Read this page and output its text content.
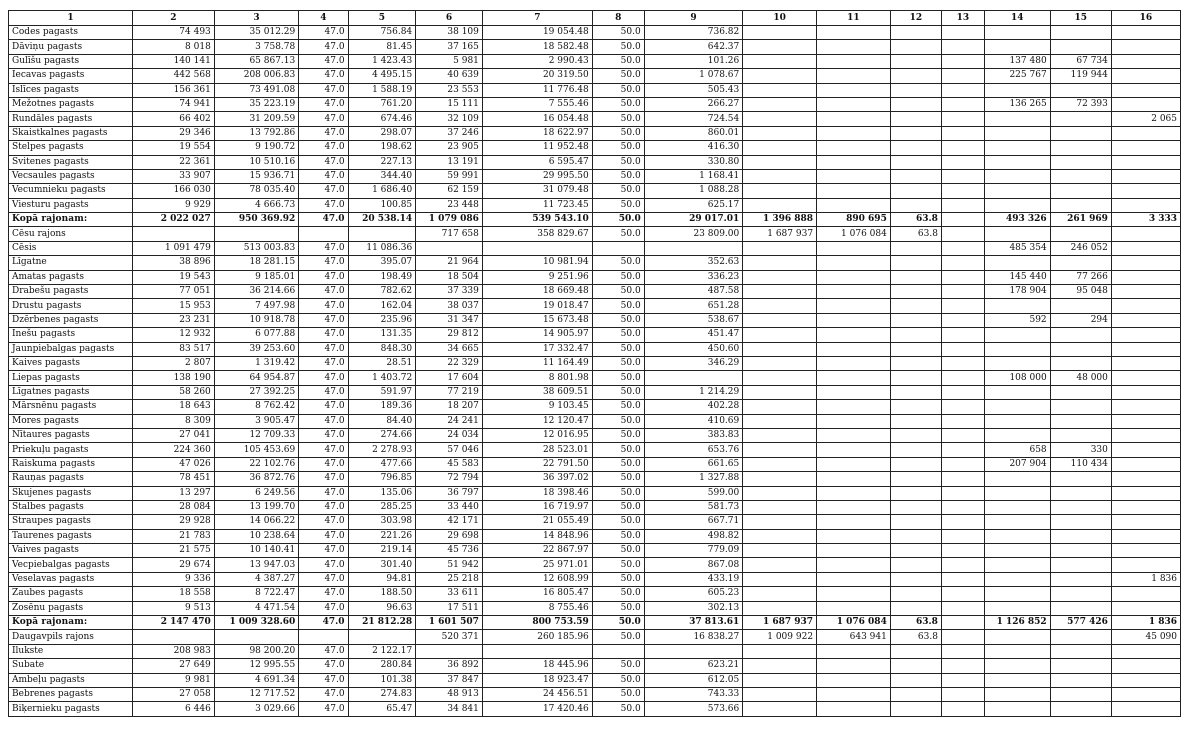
1	2	3	4	5	6	7	8	9	10	11	12	13	14	15	16
Codes pagasts	74 493	35 012.29	47.0	756.84	38 109	19 054.48	50.0	736.82							
Dāviņu pagasts	8 018	3 758.78	47.0	81.45	37 165	18 582.48	50.0	642.37							
Gulīšu pagasts	140 141	65 867.13	47.0	1 423.43	5 981	2 990.43	50.0	101.26					137 480	67 734	
Iecavas pagasts	442 568	208 006.83	47.0	4 495.15	40 639	20 319.50	50.0	1 078.67					225 767	119 944	
Islīces pagasts	156 361	73 491.08	47.0	1 588.19	23 553	11 776.48	50.0	505.43							
Mežotnes pagasts	74 941	35 223.19	47.0	761.20	15 111	7 555.46	50.0	266.27					136 265	72 393	
Rundāles pagasts	66 402	31 209.59	47.0	674.46	32 109	16 054.48	50.0	724.54							2 065
Skaistkalnes pagasts	29 346	13 792.86	47.0	298.07	37 246	18 622.97	50.0	860.01							
Stelpes pagasts	19 554	9 190.72	47.0	198.62	23 905	11 952.48	50.0	416.30							
Svitenes pagasts	22 361	10 510.16	47.0	227.13	13 191	6 595.47	50.0	330.80							
Vecsaules pagasts	33 907	15 936.71	47.0	344.40	59 991	29 995.50	50.0	1 168.41							
Vecumnieku pagasts	166 030	78 035.40	47.0	1 686.40	62 159	31 079.48	50.0	1 088.28							
Viesturu pagasts	9 929	4 666.73	47.0	100.85	23 448	11 723.45	50.0	625.17							
Kopā rajonam:	2 022 027	950 369.92	47.0	20 538.14	1 079 086	539 543.10	50.0	29 017.01	1 396 888	890 695	63.8		493 326	261 969	3 333
Cēsu rajons					717 658	358 829.67	50.0	23 809.00	1 687 937	1 076 084	63.8				
Cēsis	1 091 479	513 003.83	47.0	11 086.36									485 354	246 052	
Līgatne	38 896	18 281.15	47.0	395.07	21 964	10 981.94	50.0	352.63							
Amatas pagasts	19 543	9 185.01	47.0	198.49	18 504	9 251.96	50.0	336.23					145 440	77 266	
Drabešu pagasts	77 051	36 214.66	47.0	782.62	37 339	18 669.48	50.0	487.58					178 904	95 048	
Drustu pagasts	15 953	7 497.98	47.0	162.04	38 037	19 018.47	50.0	651.28							
Dzērbenes pagasts	23 231	10 918.78	47.0	235.96	31 347	15 673.48	50.0	538.67					592	294	
Inešu pagasts	12 932	6 077.88	47.0	131.35	29 812	14 905.97	50.0	451.47							
Jaunpiebalgas pagasts	83 517	39 253.60	47.0	848.30	34 665	17 332.47	50.0	450.60							
Kaives pagasts	2 807	1 319.42	47.0	28.51	22 329	11 164.49	50.0	346.29							
Liepas pagasts	138 190	64 954.87	47.0	1 403.72	17 604	8 801.98	50.0						108 000	48 000	
Līgatnes pagasts	58 260	27 392.25	47.0	591.97	77 219	38 609.51	50.0	1 214.29							
Mārsnēnu pagasts	18 643	8 762.42	47.0	189.36	18 207	9 103.45	50.0	402.28							
Mores pagasts	8 309	3 905.47	47.0	84.40	24 241	12 120.47	50.0	410.69							
Nītaures pagasts	27 041	12 709.33	47.0	274.66	24 034	12 016.95	50.0	383.83							
Priekuļu pagasts	224 360	105 453.69	47.0	2 278.93	57 046	28 523.01	50.0	653.76					658	330	
Raiskuma pagasts	47 026	22 102.76	47.0	477.66	45 583	22 791.50	50.0	661.65					207 904	110 434	
Rauņas pagasts	78 451	36 872.76	47.0	796.85	72 794	36 397.02	50.0	1 327.88							
Skujenes pagasts	13 297	6 249.56	47.0	135.06	36 797	18 398.46	50.0	599.00							
Stalbes pagasts	28 084	13 199.70	47.0	285.25	33 440	16 719.97	50.0	581.73							
Straupes pagasts	29 928	14 066.22	47.0	303.98	42 171	21 055.49	50.0	667.71							
Taurenes pagasts	21 783	10 238.64	47.0	221.26	29 698	14 848.96	50.0	498.82							
Vaives pagasts	21 575	10 140.41	47.0	219.14	45 736	22 867.97	50.0	779.09							
Vecpiebalgas pagasts	29 674	13 947.03	47.0	301.40	51 942	25 971.01	50.0	867.08							
Veselavas pagasts	9 336	4 387.27	47.0	94.81	25 218	12 608.99	50.0	433.19							1 836
Zaubes pagasts	18 558	8 722.47	47.0	188.50	33 611	16 805.47	50.0	605.23							
Zosēnu pagasts	9 513	4 471.54	47.0	96.63	17 511	8 755.46	50.0	302.13							
Kopā rajonam:	2 147 470	1 009 328.60	47.0	21 812.28	1 601 507	800 753.59	50.0	37 813.61	1 687 937	1 076 084	63.8		1 126 852	577 426	1 836
Daugavpils rajons					520 371	260 185.96	50.0	16 838.27	1 009 922	643 941	63.8				45 090
Ilukste	208 983	98 200.20	47.0	2 122.17											
Subate	27 649	12 995.55	47.0	280.84	36 892	18 445.96	50.0	623.21							
Ambeļu pagasts	9 981	4 691.34	47.0	101.38	37 847	18 923.47	50.0	612.05							
Bebrenes pagasts	27 058	12 717.52	47.0	274.83	48 913	24 456.51	50.0	743.33							
Biķernieku pagasts	6 446	3 029.66	47.0	65.47	34 841	17 420.46	50.0	573.66							
